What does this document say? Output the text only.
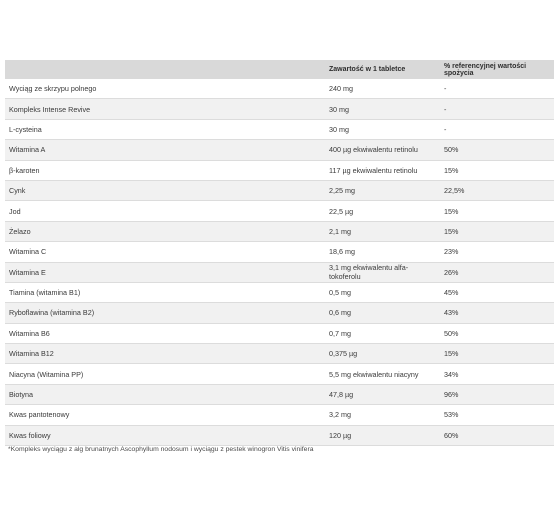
	Zawartość w 1 tabletce	% referencyjnej wartości spożycia
Wyciąg ze skrzypu polnego	240 mg	-
Kompleks Intense Revive	30 mg	-
L-cysteina	30 mg	-
Witamina A	400 µg ekwiwalentu retinolu	50%
β-karoten	117 µg ekwiwalentu retinolu	15%
Cynk	2,25 mg	22,5%
Jod	22,5 µg	15%
Żelazo	2,1 mg	15%
Witamina C	18,6 mg	23%
Witamina E	3,1 mg ekwiwalentu alfa-tokoferolu	26%
Tiamina (witamina B1)	0,5 mg	45%
Ryboflawina (witamina B2)	0,6 mg	43%
Witamina B6	0,7 mg	50%
Witamina B12	0,375 µg	15%
Niacyna (Witamina PP)	5,5 mg ekwiwalentu niacyny	34%
Biotyna	47,8 µg	96%
Kwas pantotenowy	3,2 mg	53%
Kwas foliowy	120 µg	60%
*Kompleks wyciągu z alg brunatnych Ascophyllum nodosum i wyciągu z pestek winogron Vitis vinifera
